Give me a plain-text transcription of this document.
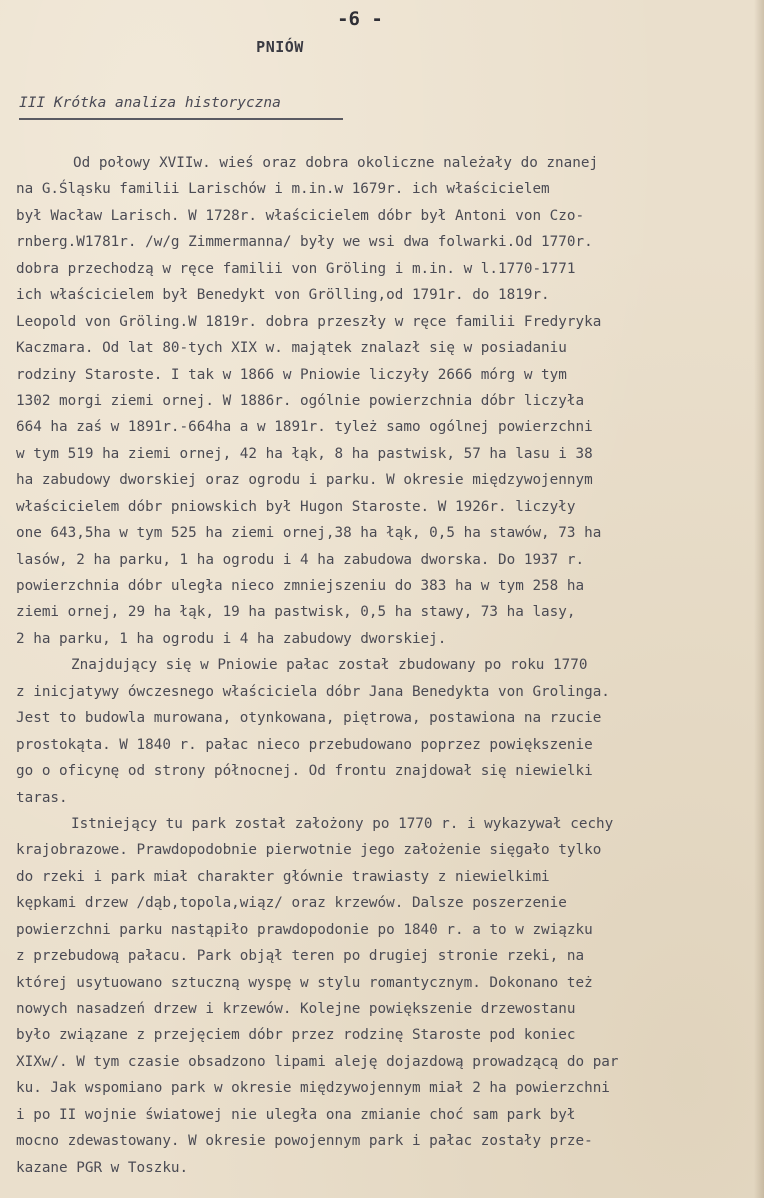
-6 -
PNIÓW
III Krótka analiza historyczna
Od połowy XVIIw. wieś oraz dobra okoliczne należały do znanej
na G.Śląsku familii Larischów i m.in.w 1679r. ich właścicielem
był Wacław Larisch. W 1728r. właścicielem dóbr był Antoni von Czo-
rnberg.W1781r. /w/g Zimmermanna/ były we wsi dwa folwarki.Od 1770r.
dobra przechodzą w ręce familii von Gröling i m.in. w l.1770-1771
ich właścicielem był Benedykt von Grölling,od 1791r. do 1819r.
Leopold von Gröling.W 1819r. dobra przeszły w ręce familii Fredyryka
Kaczmara. Od lat 80-tych XIX w. majątek znalazł się w posiadaniu
rodziny Staroste. I tak w 1866 w Pniowie liczyły 2666 mórg w tym
1302 morgi ziemi ornej. W 1886r. ogólnie powierzchnia dóbr liczyła
664 ha zaś w 1891r.-664ha a w 1891r. tyleż samo ogólnej powierzchni
w tym 519 ha ziemi ornej, 42 ha łąk, 8 ha pastwisk, 57 ha lasu i 38
ha zabudowy dworskiej oraz ogrodu i parku. W okresie międzywojennym
właścicielem dóbr pniowskich był Hugon Staroste. W 1926r. liczyły
one 643,5ha w tym 525 ha ziemi ornej,38 ha łąk, 0,5 ha stawów, 73 ha
lasów, 2 ha parku, 1 ha ogrodu i 4 ha zabudowa dworska. Do 1937 r.
powierzchnia dóbr uległa nieco zmniejszeniu do 383 ha w tym 258 ha
ziemi ornej, 29 ha łąk, 19 ha pastwisk, 0,5 ha stawy, 73 ha lasy,
2 ha parku, 1 ha ogrodu i 4 ha zabudowy dworskiej.
Znajdujący się w Pniowie pałac został zbudowany po roku 1770
z inicjatywy ówczesnego właściciela dóbr Jana Benedykta von Grolinga.
Jest to budowla murowana, otynkowana, piętrowa, postawiona na rzucie
prostokąta. W 1840 r. pałac nieco przebudowano poprzez powiększenie
go o oficynę od strony północnej. Od frontu znajdował się niewielki
taras.
Istniejący tu park został założony po 1770 r. i wykazywał cechy
krajobrazowe. Prawdopodobnie pierwotnie jego założenie sięgało tylko
do rzeki i park miał charakter głównie trawiasty z niewielkimi
kępkami drzew /dąb,topola,wiąz/ oraz krzewów. Dalsze poszerzenie
powierzchni parku nastąpiło prawdopodonie po 1840 r. a to w związku
z przebudową pałacu. Park objął teren po drugiej stronie rzeki, na
której usytuowano sztuczną wyspę w stylu romantycznym. Dokonano też
nowych nasadzeń drzew i krzewów. Kolejne powiększenie drzewostanu
było związane z przejęciem dóbr przez rodzinę Staroste pod koniec
XIXw/. W tym czasie obsadzono lipami aleję dojazdową prowadzącą do par
ku. Jak wspomiano park w okresie międzywojennym miał 2 ha powierzchni
i po II wojnie światowej nie uległa ona zmianie choć sam park był
mocno zdewastowany. W okresie powojennym park i pałac zostały prze-
kazane PGR w Toszku.
